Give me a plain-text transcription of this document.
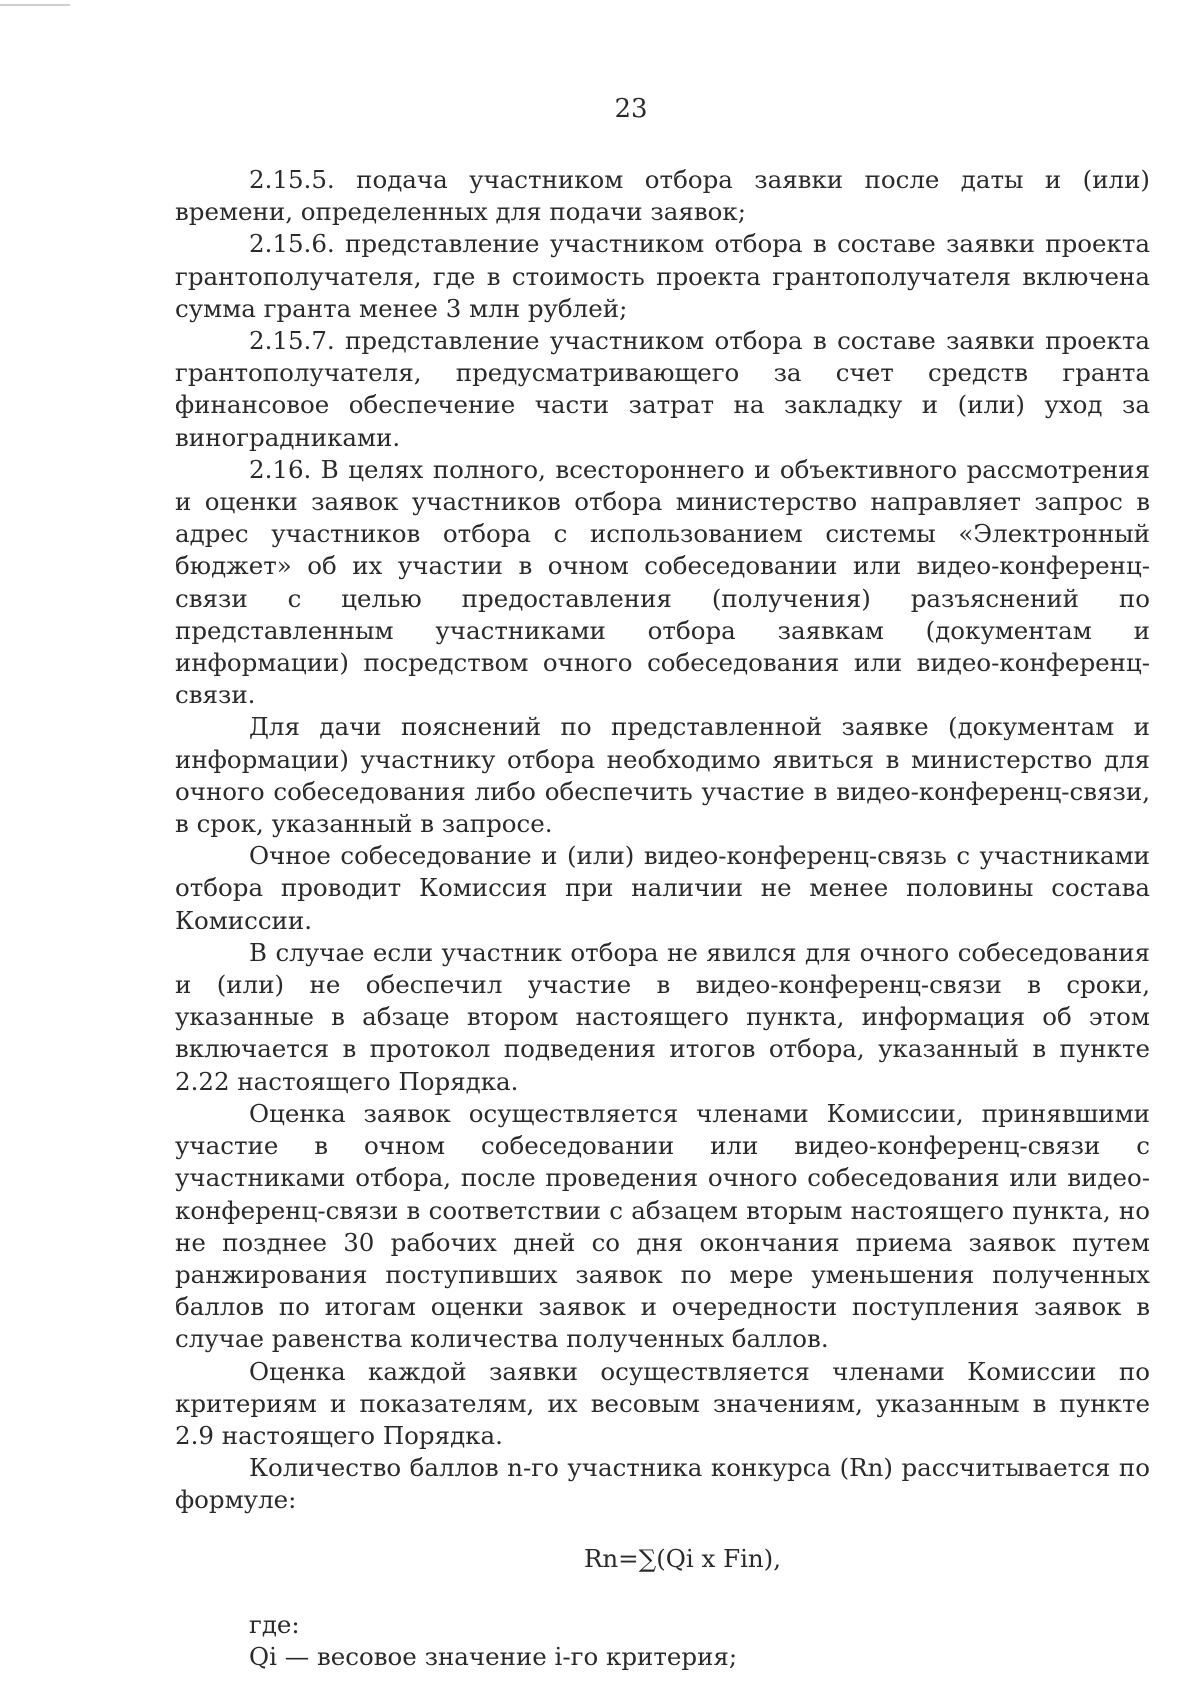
23

2.15.5. подача участником отбора заявки после даты и (или) времени, определенных для подачи заявок;

2.15.6. представление участником отбора в составе заявки проекта грантополучателя, где в стоимость проекта грантополучателя включена сумма гранта менее 3 млн рублей;

2.15.7. представление участником отбора в составе заявки проекта грантополучателя, предусматривающего за счет средств гранта финансовое обеспечение части затрат на закладку и (или) уход за виноградниками.

2.16. В целях полного, всестороннего и объективного рассмотрения и оценки заявок участников отбора министерство направляет запрос в адрес участников отбора с использованием системы «Электронный бюджет» об их участии в очном собеседовании или видео-конференц-связи с целью предоставления (получения) разъяснений по представленным участниками отбора заявкам (документам и информации) посредством очного собеседования или видео-конференц-связи.

Для дачи пояснений по представленной заявке (документам и информации) участнику отбора необходимо явиться в министерство для очного собеседования либо обеспечить участие в видео-конференц-связи, в срок, указанный в запросе.

Очное собеседование и (или) видео-конференц-связь с участниками отбора проводит Комиссия при наличии не менее половины состава Комиссии.

В случае если участник отбора не явился для очного собеседования и (или) не обеспечил участие в видео-конференц-связи в сроки, указанные в абзаце втором настоящего пункта, информация об этом включается в протокол подведения итогов отбора, указанный в пункте 2.22 настоящего Порядка.

Оценка заявок осуществляется членами Комиссии, принявшими участие в очном собеседовании или видео-конференц-связи с участниками отбора, после проведения очного собеседования или видео-конференц-связи в соответствии с абзацем вторым настоящего пункта, но не позднее 30 рабочих дней со дня окончания приема заявок путем ранжирования поступивших заявок по мере уменьшения полученных баллов по итогам оценки заявок и очередности поступления заявок в случае равенства количества полученных баллов.

Оценка каждой заявки осуществляется членами Комиссии по критериям и показателям, их весовым значениям, указанным в пункте 2.9 настоящего Порядка.

Количество баллов n-го участника конкурса (Rn) рассчитывается по формуле:

Rn=∑(Qi x Fin),

где:

Qi — весовое значение i-го критерия;
